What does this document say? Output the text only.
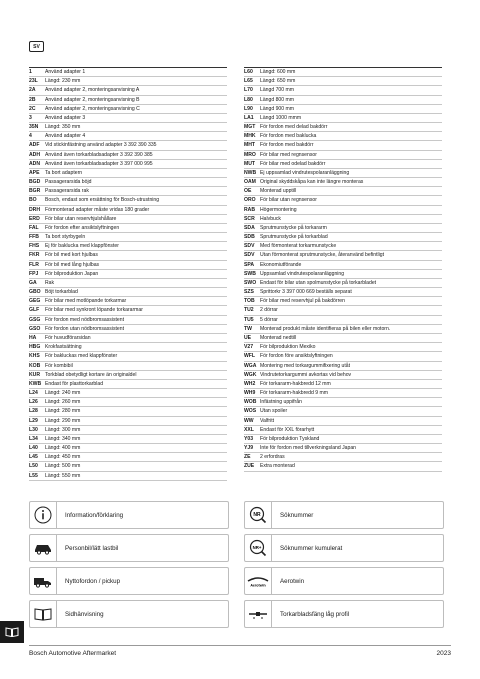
SV
1	Använd adapter 1
23L	Längd: 230 mm
2A	Använd adapter 2, monteringsanvisning A
2B	Använd adapter 2, monteringsanvisning B
2C	Använd adapter 2, monteringsanvisning C
3	Använd adapter 3
35N	Längd: 350 mm
4	Använd adapter 4
ADF	Vid stickinfästning använd adapter 3 392 390 335
ADH Använd även torkarbladsadapter 3 392 390 385
ADN Använd även torkarbladsadapter 3 397 000 995
APE	Ta bort adaptern
BGD Passagerarsida böjd
BGR Passagerarsida rak
BO	Bosch, endast som ersättning för Bosch-utrustning
DRH Förmonterad adapter måste vridas 180 grader
ERD	För bilar utan reservhjulshållare
FAL	För fordon efter ansiktslyftningen
FFB	Ta bort styrbygeln
FHS	Ej för baklucka med klappfönster
FKR	För bil med kort hjulbas
FLR	För bil med lång hjulbas
FPJ	För bilproduktion Japan
GA	Rak
GBO Böjt torkarblad
GEG För bilar med motlöpande torkarmar
GLF	För bilar med synkront löpande torkararmar
GSG För fordon med nödbromsassistent
GSO För fordon utan nödbromsassistent
HA	För huvudförarsidan
HBG Krokfastsättning
KHS	För bakluckas med klappfönster
KOB För kombibil
KUR Torkblad obetydligt kortare än originaldel
KWB Endast för plasttorkarblad
L24	Längd: 240 mm
L26	Längd: 260 mm
L28	Längd: 280 mm
L29	Längd: 290 mm
L30	Längd: 300 mm
L34	Längd: 340 mm
L40	Längd: 400 mm
L45	Längd: 450 mm
L50	Längd: 500 mm
L55	Längd: 550 mm
L60	Längd: 600 mm
L65	Längd: 650 mm
L70	Längd 700 mm
L80	Längd 800 mm
L90	Längd 900 mm
LA1	Längd 1000 mmm
MGT För fordon med delad bakdörr
MHK För fordon med baklucka
MHT För fordon med bakdörr
MRO För bilar med regnsensor
MUT För bilar med odelad bakdörr
NWB Ej uppsamlad vindrutespolaranläggning
OAM Original skyddskåpa kan inte längre monteras
OE	Monterad upptill
ORO För bilar utan regnsensor
RAB Högermontering
SCR	Halvbuck
SDA	Sprutmunstycke på torkararm
SDB	Sprutmunstycke på torkarblad
SDV	Med förmonterat torkarmunstycke
SDV	Utan förmonterat sprutmunstycke, återanvänd befintligt
SPA	Ekonomiutförande
SWB Uppsamlad vindrutespolaranläggning
SWO Endast för bilar utan spolmunstycke på torkarbladet
SZS	Sprittorkr 3 397 000 669 beställs separat
TOB	För bilar med reservhjul på bakdörren
TU2	2 dörrar
TU5	5 dörrar
TW	Monterad produkt måste identifieras på bilen eller motorn.
UE	Monterad nedtill
V27	För bilproduktion Mexiko
WFL För fordon före ansiktslyftningen
WGA Montering med torkargummifixering utåt
WGK Vindrutetorkargummi avkortas vid behov
WH2 För torkararm-hakbredd 12 mm
WH9 För torkararm-hakbredd 9 mm
WOB Infästning uppifrån
WOS Utan spoiler
WW	Valfritt
XXL	Endast för XXL förarhytt
Y03	För bilproduktion Tyskland
YJ9	Inte för fordon med tillverkningsland Japan
ZE	2 erfordras
ZUE	Extra monterad
Information/förklaring
Personbil/lätt lastbil
Nyttofordon / pickup
Sidhänvisning
NR	Söknummer
NR+	Söknummer kumulerat
Aerotwin
Aerotwin
Torkarbladsfäng låg profil
Bosch Automotive Aftermarket	2023
